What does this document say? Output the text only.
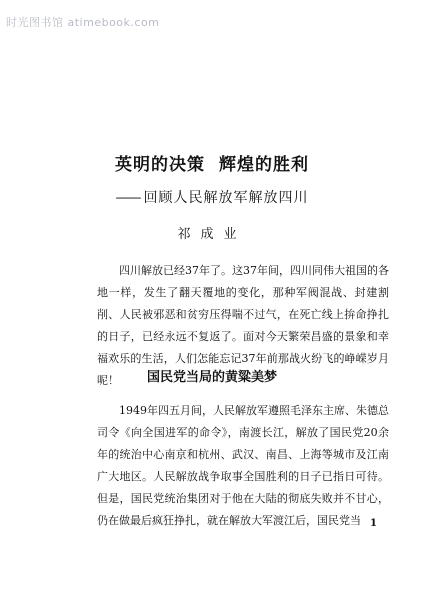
时光图书馆 atimebook.com
英明的决策 辉煌的胜利
—— 回顾人民解放军解放四川
祁成业

四川解放已经37年了。这37年间，四川同伟大祖国的各地一样，发生了翻天覆地的变化，那种军阀混战、封建割削、人民被邪恶和贫穷压得喘不过气，在死亡线上拚命挣扎的日子，已经永远不复返了。面对今天繁荣昌盛的景象和幸福欢乐的生活，人们怎能忘记37年前那战火纷飞的峥嵘岁月呢！	国民党当局的黄粱美梦

1949年四五月间，人民解放军遵照毛泽东主席、朱德总司令《向全国进军的命令》，南渡长江，解放了国民党20余年的统治中心南京和杭州、武汉、南昌、上海等城市及江南广大地区。人民解放战争取事全国胜利的日子已指日可待。但是，国民党统治集团对于他在大陆的彻底失败并不甘心，仍在做最后疯狂挣扎，就在解放大军渡江后，国民党当 1
